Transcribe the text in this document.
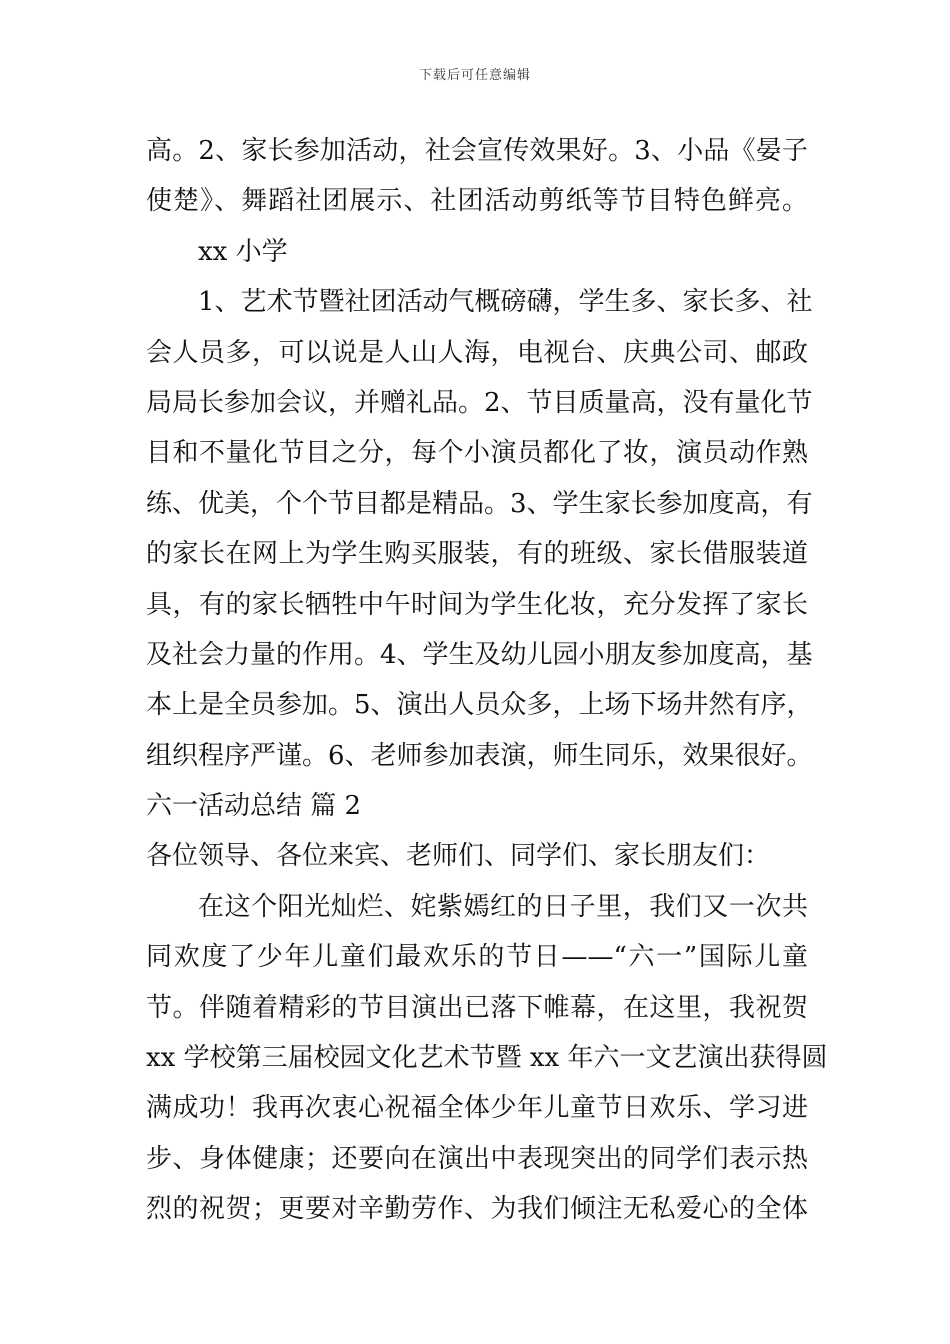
下载后可任意编辑
高。2、家长参加活动，社会宣传效果好。3、小品《晏子
使楚》、舞蹈社团展示、社团活动剪纸等节目特色鲜亮。
xx 小学
1、艺术节暨社团活动气概磅礴，学生多、家长多、社
会人员多，可以说是人山人海，电视台、庆典公司、邮政
局局长参加会议，并赠礼品。2、节目质量高，没有量化节
目和不量化节目之分，每个小演员都化了妆，演员动作熟
练、优美，个个节目都是精品。3、学生家长参加度高，有
的家长在网上为学生购买服装，有的班级、家长借服装道
具，有的家长牺牲中午时间为学生化妆，充分发挥了家长
及社会力量的作用。4、学生及幼儿园小朋友参加度高，基
本上是全员参加。5、演出人员众多，上场下场井然有序，
组织程序严谨。6、老师参加表演，师生同乐，效果很好。
六一活动总结 篇 2
各位领导、各位来宾、老师们、同学们、家长朋友们：
在这个阳光灿烂、姹紫嫣红的日子里，我们又一次共
同欢度了少年儿童们最欢乐的节日——“六一”国际儿童
节。伴随着精彩的节目演出已落下帷幕，在这里，我祝贺
xx 学校第三届校园文化艺术节暨 xx 年六一文艺演出获得圆
满成功！我再次衷心祝福全体少年儿童节日欢乐、学习进
步、身体健康；还要向在演出中表现突出的同学们表示热
烈的祝贺；更要对辛勤劳作、为我们倾注无私爱心的全体
